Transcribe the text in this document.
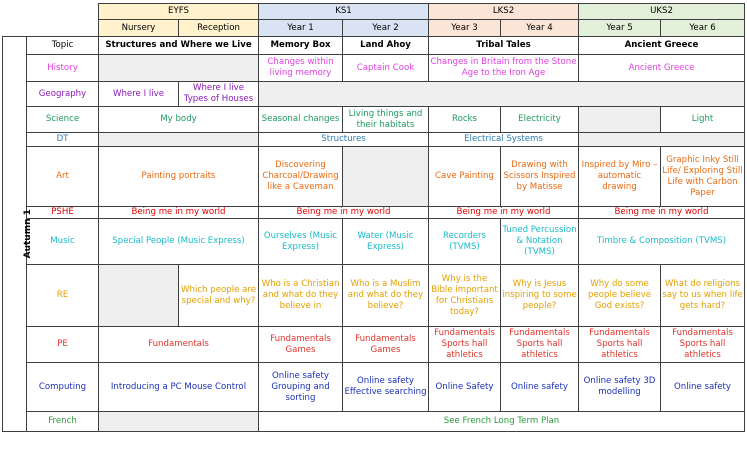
		EYFS		KS1		LKS2		UKS2	
		Nursery	Reception	Year 1	Year 2	Year 3	Year 4	Year 5	Year 6
Autumn 1	Topic	Structures and Where we Live		Memory Box	Land Ahoy	Tribal Tales		Ancient Greece	
	History			Changes within living memory	Captain Cook	Changes in Britain from the Stone Age to the Iron Age		Ancient Greece	
	Geography	Where I live	Where I live Types of Houses						
	Science	My body		Seasonal changes	Living things and their habitats	Rocks	Electricity		Light
	DT			Structures		Electrical Systems			
	Art	Painting portraits		Discovering Charcoal/Drawing like a Caveman		Cave Painting	Drawing with Scissors Inspired by Matisse	Inspired by Miro – automatic drawing	Graphic Inky Still Life/ Exploring Still Life with Carbon Paper
	PSHE	Being me in my world		Being me in my world		Being me in my world		Being me in my world	
	Music	Special People (Music Express)		Ourselves (Music Express)	Water (Music Express)	Recorders (TVMS)	Tuned Percussion & Notation (TVMS)	Timbre & Composition (TVMS)	
	RE		Which people are special and why?	Who is a Christian and what do they believe in	Who is a Muslim and what do they believe?	Why is the Bible important for Christians today?	Why is Jesus inspiring to some people?	Why do some people believe God exists?	What do religions say to us when life gets hard?
	PE	Fundamentals		Fundamentals Games	Fundamentals Games	Fundamentals Sports hall athletics	Fundamentals Sports hall athletics	Fundamentals Sports hall athletics	Fundamentals Sports hall athletics
	Computing	Introducing a PC Mouse Control		Online safety Grouping and sorting	Online safety Effective searching	Online Safety	Online safety	Online safety 3D modelling	Online safety
	French			See French Long Term Plan					
